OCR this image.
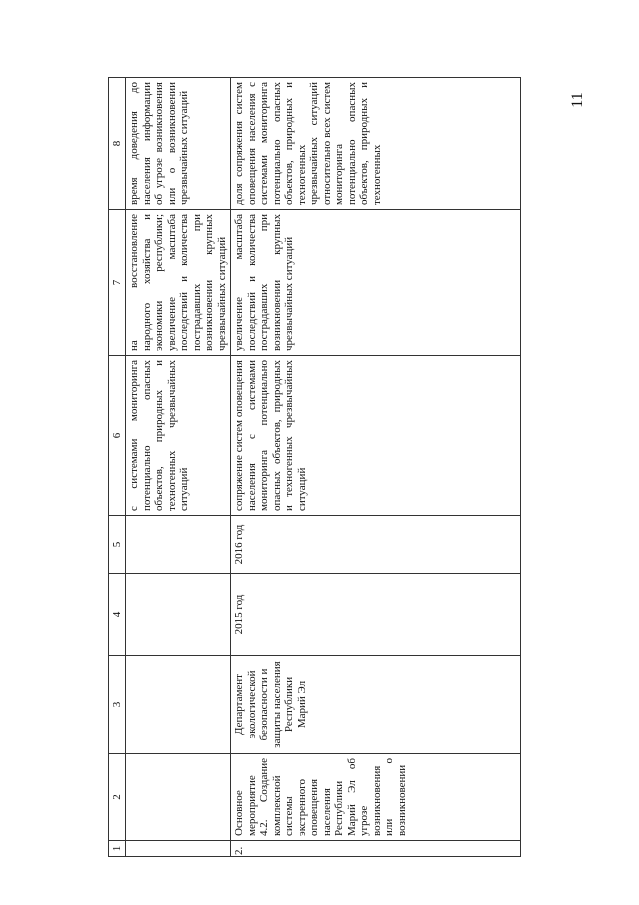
11
1	2	3	4	5	6	7	8
					с системами мониторинга потенциально опасных объектов, природных и техногенных чрезвычайных ситуаций	на восстановление народного хозяйства и экономики республики; увеличение масштаба последствий и количества пострадавших при возникновении крупных чрезвычайных ситуаций	время доведения до населения информации об угрозе возникновения или о возникновении чрезвычайных ситуаций
2.	Основное мероприятие 4.2. Создание комплексной системы экстренного оповещения населения Республики Марий Эл об угрозе возникновения или о возникновении	Департамент экологической безопасности и защиты населения Республики Марий Эл	2015 год	2016 год	сопряжение систем оповещения населения с системами мониторинга потенциально опасных объектов, природных и техногенных чрезвычайных ситуаций	увеличение масштаба последствий и количества пострадавших при возникновении крупных чрезвычайных ситуаций	доля сопряжения систем оповещения населения с системами мониторинга потенциально опасных объектов, природных и техногенных чрезвычайных ситуаций относительно всех систем мониторинга потенциально опасных объектов, природных и техногенных
